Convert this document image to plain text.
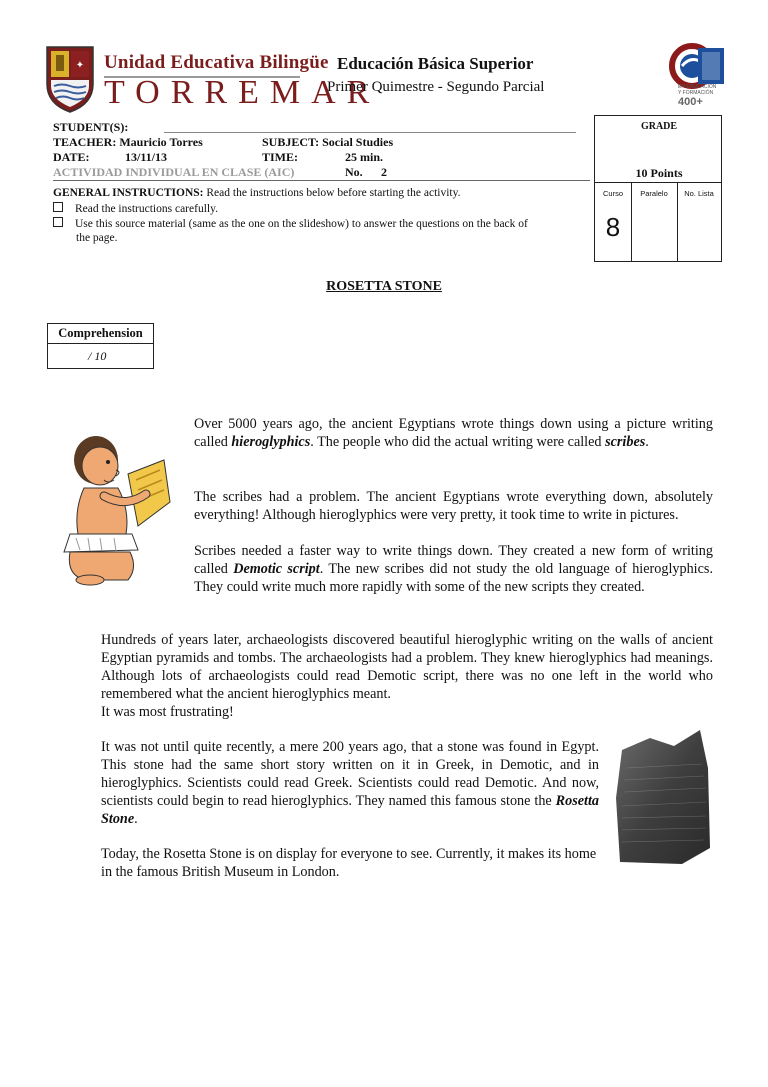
✦ Unidad Educativa Bilingüe
TORREMAR
Educación Básica Superior
Primer Quimestre - Segundo Parcial	EN EDUCACIÓN
Y FORMACIÓN
400+
STUDENT(S):
TEACHER: Mauricio Torres	SUBJECT: Social Studies
DATE:	13/11/13	TIME:	25 min.
ACTIVIDAD INDIVIDUAL EN CLASE (AIC)	No. 2
GENERAL INSTRUCTIONS: Read the instructions below before starting the activity.
Read the instructions carefully.
Use this source material (same as the one on the slideshow) to answer the questions on the back of
the page.
GRADE
10 Points
Curso	Paralelo	No. Lista
8
ROSETTA STONE
Comprehension
/ 10
Over 5000 years ago, the ancient Egyptians wrote things down using a picture writing called hieroglyphics. The people who did the actual writing were called scribes.
The scribes had a problem. The ancient Egyptians wrote everything down, absolutely everything! Although hieroglyphics were very pretty, it took time to write in pictures.
Scribes needed a faster way to write things down. They created a new form of writing called Demotic script. The new scribes did not study the old language of hieroglyphics. They could write much more rapidly with some of the new scripts they created.
Hundreds of years later, archaeologists discovered beautiful hieroglyphic writing on the walls of ancient Egyptian pyramids and tombs. The archaeologists had a problem. They knew hieroglyphics had meanings. Although lots of archaeologists could read Demotic script, there was no one left in the world who remembered what the ancient hieroglyphics meant.
It was most frustrating!
It was not until quite recently, a mere 200 years ago, that a stone was found in Egypt. This stone had the same short story written on it in Greek, in Demotic, and in hieroglyphics. Scientists could read Greek. Scientists could read Demotic. And now, scientists could begin to read hieroglyphics. They named this famous stone the Rosetta Stone.
Today, the Rosetta Stone is on display for everyone to see. Currently, it makes its home in the famous British Museum in London.
